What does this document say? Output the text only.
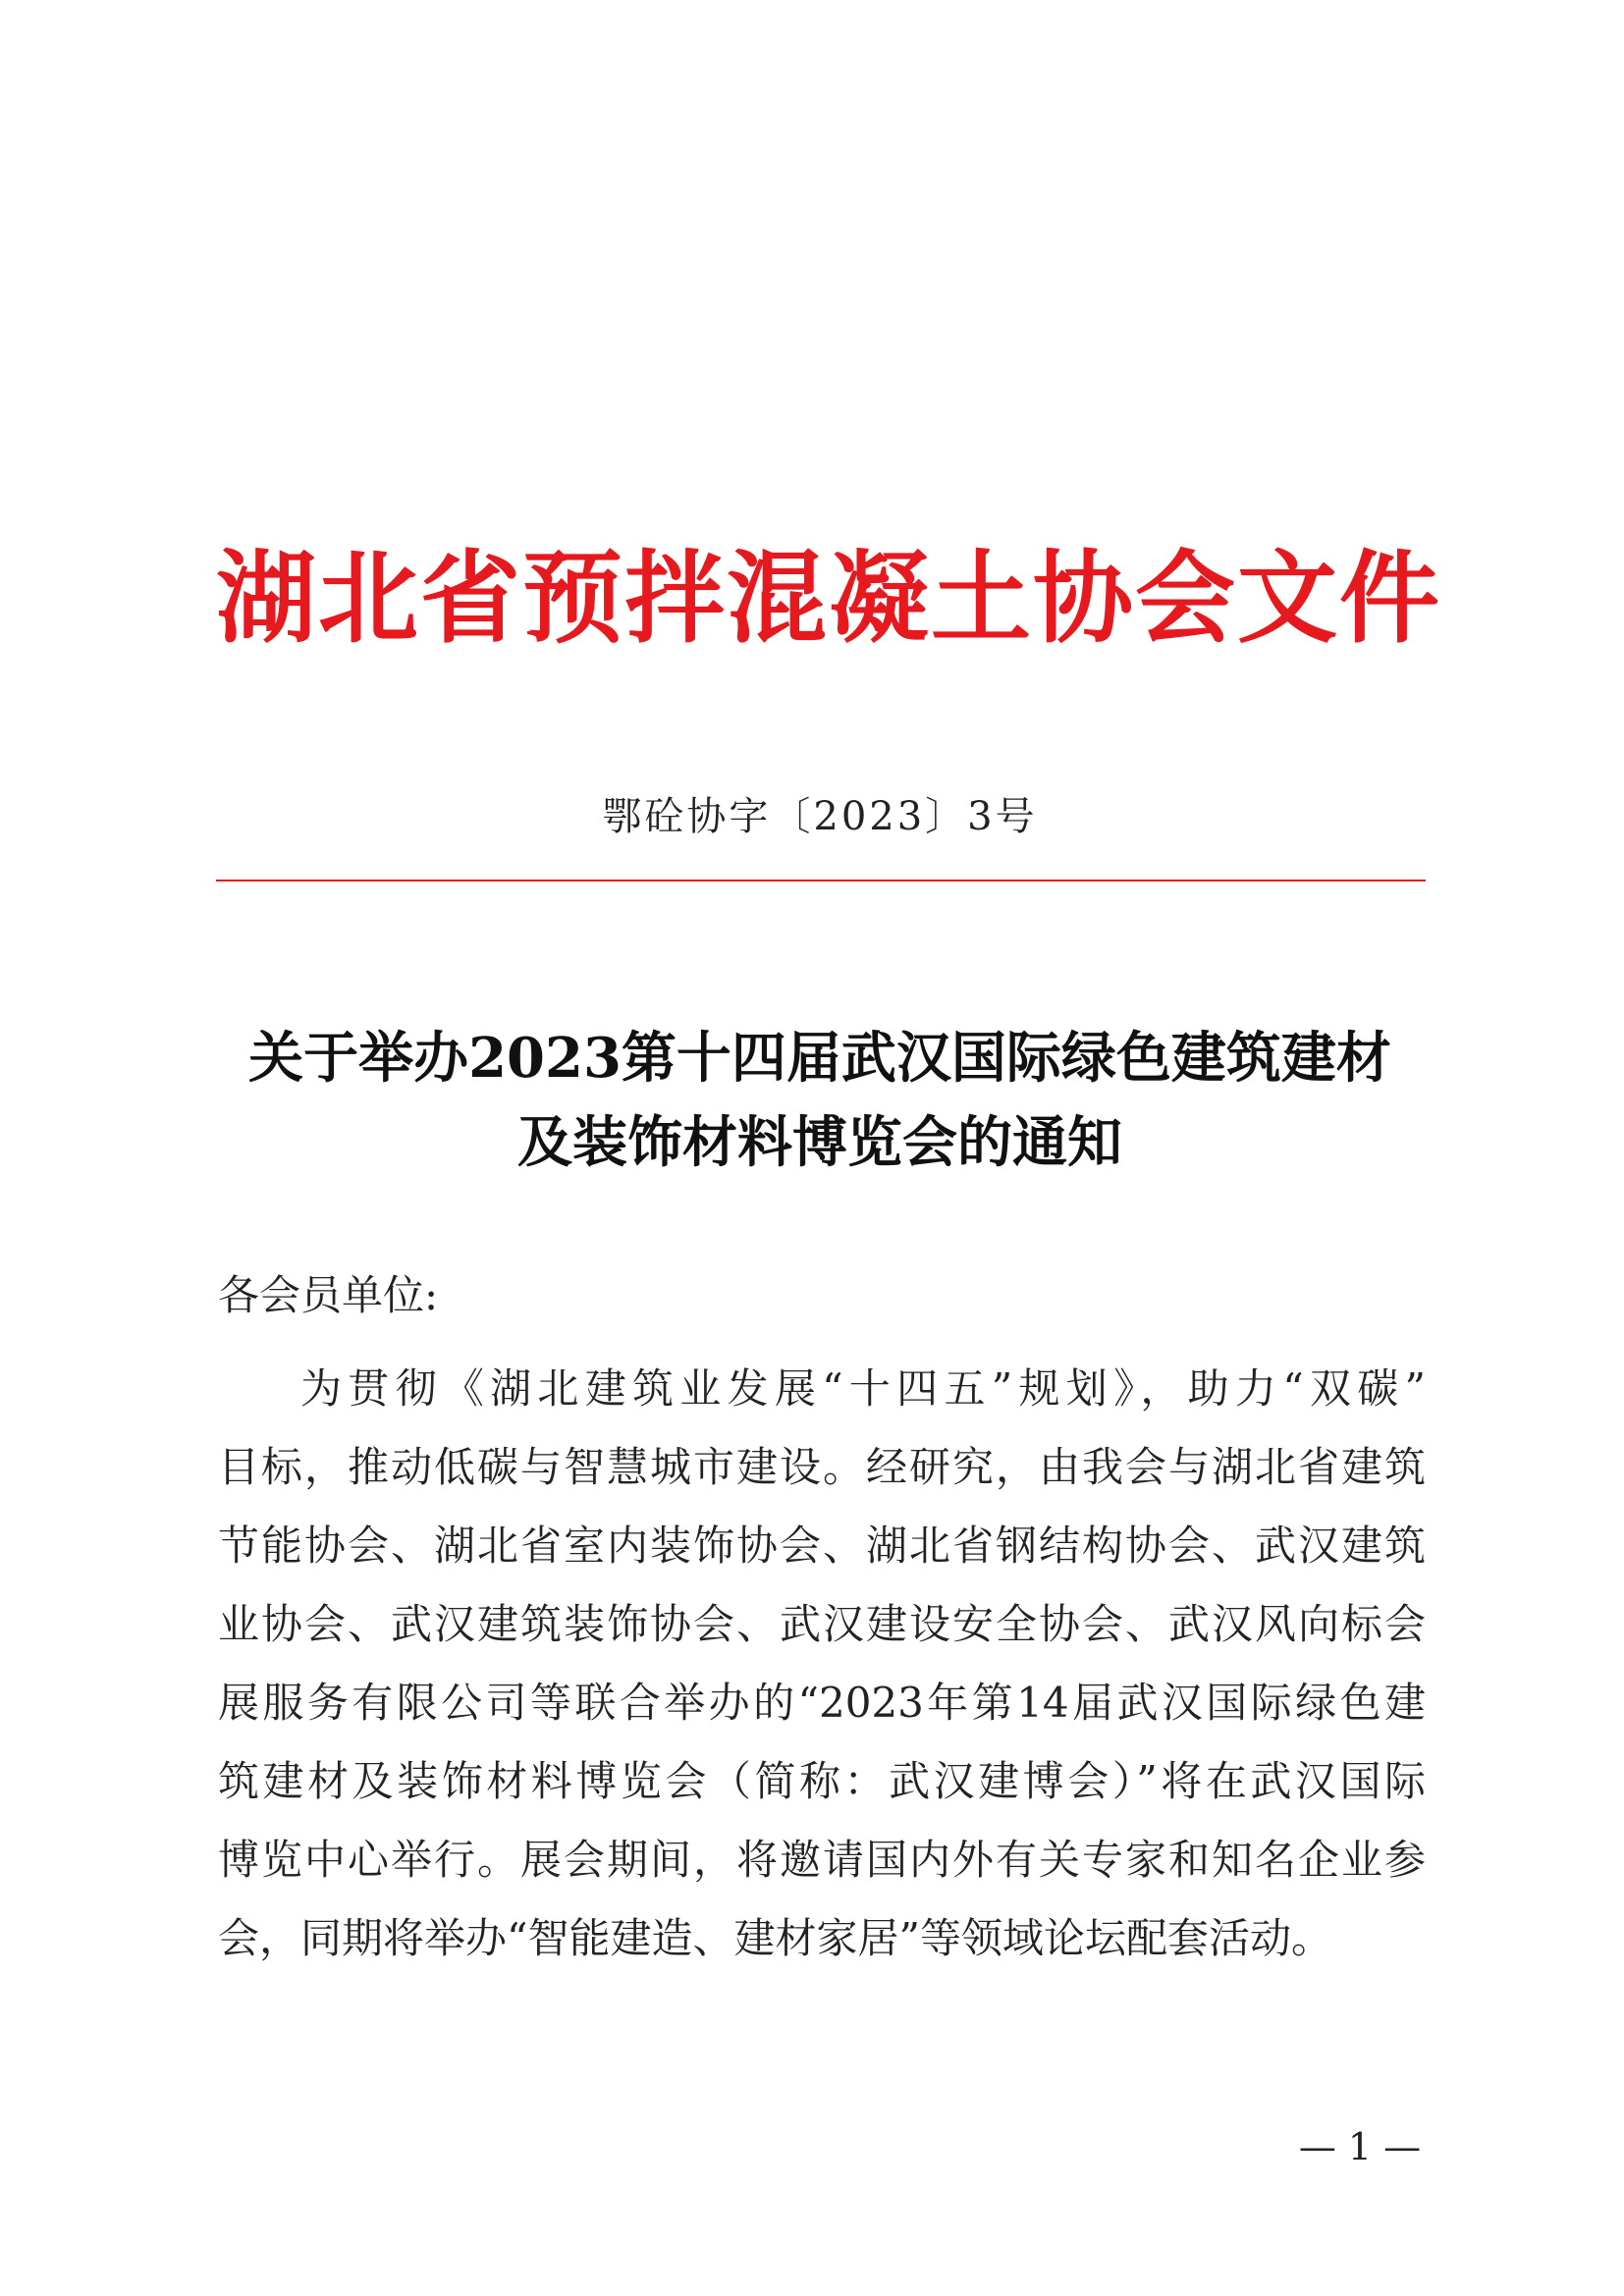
湖北省预拌混凝土协会文件
鄂砼协字〔2023〕3号
关于举办2023第十四届武汉国际绿色建筑建材
及装饰材料博览会的通知
各会员单位:
为贯彻《湖北建筑业发展“十四五”规划》，助力“双碳”
目标，推动低碳与智慧城市建设。经研究，由我会与湖北省建筑
节能协会、湖北省室内装饰协会、湖北省钢结构协会、武汉建筑
业协会、武汉建筑装饰协会、武汉建设安全协会、武汉风向标会
展服务有限公司等联合举办的“2023年第14届武汉国际绿色建
筑建材及装饰材料博览会（简称：武汉建博会）”将在武汉国际
博览中心举行。展会期间，将邀请国内外有关专家和知名企业参
会，同期将举办“智能建造、建材家居”等领域论坛配套活动。
— 1 —
